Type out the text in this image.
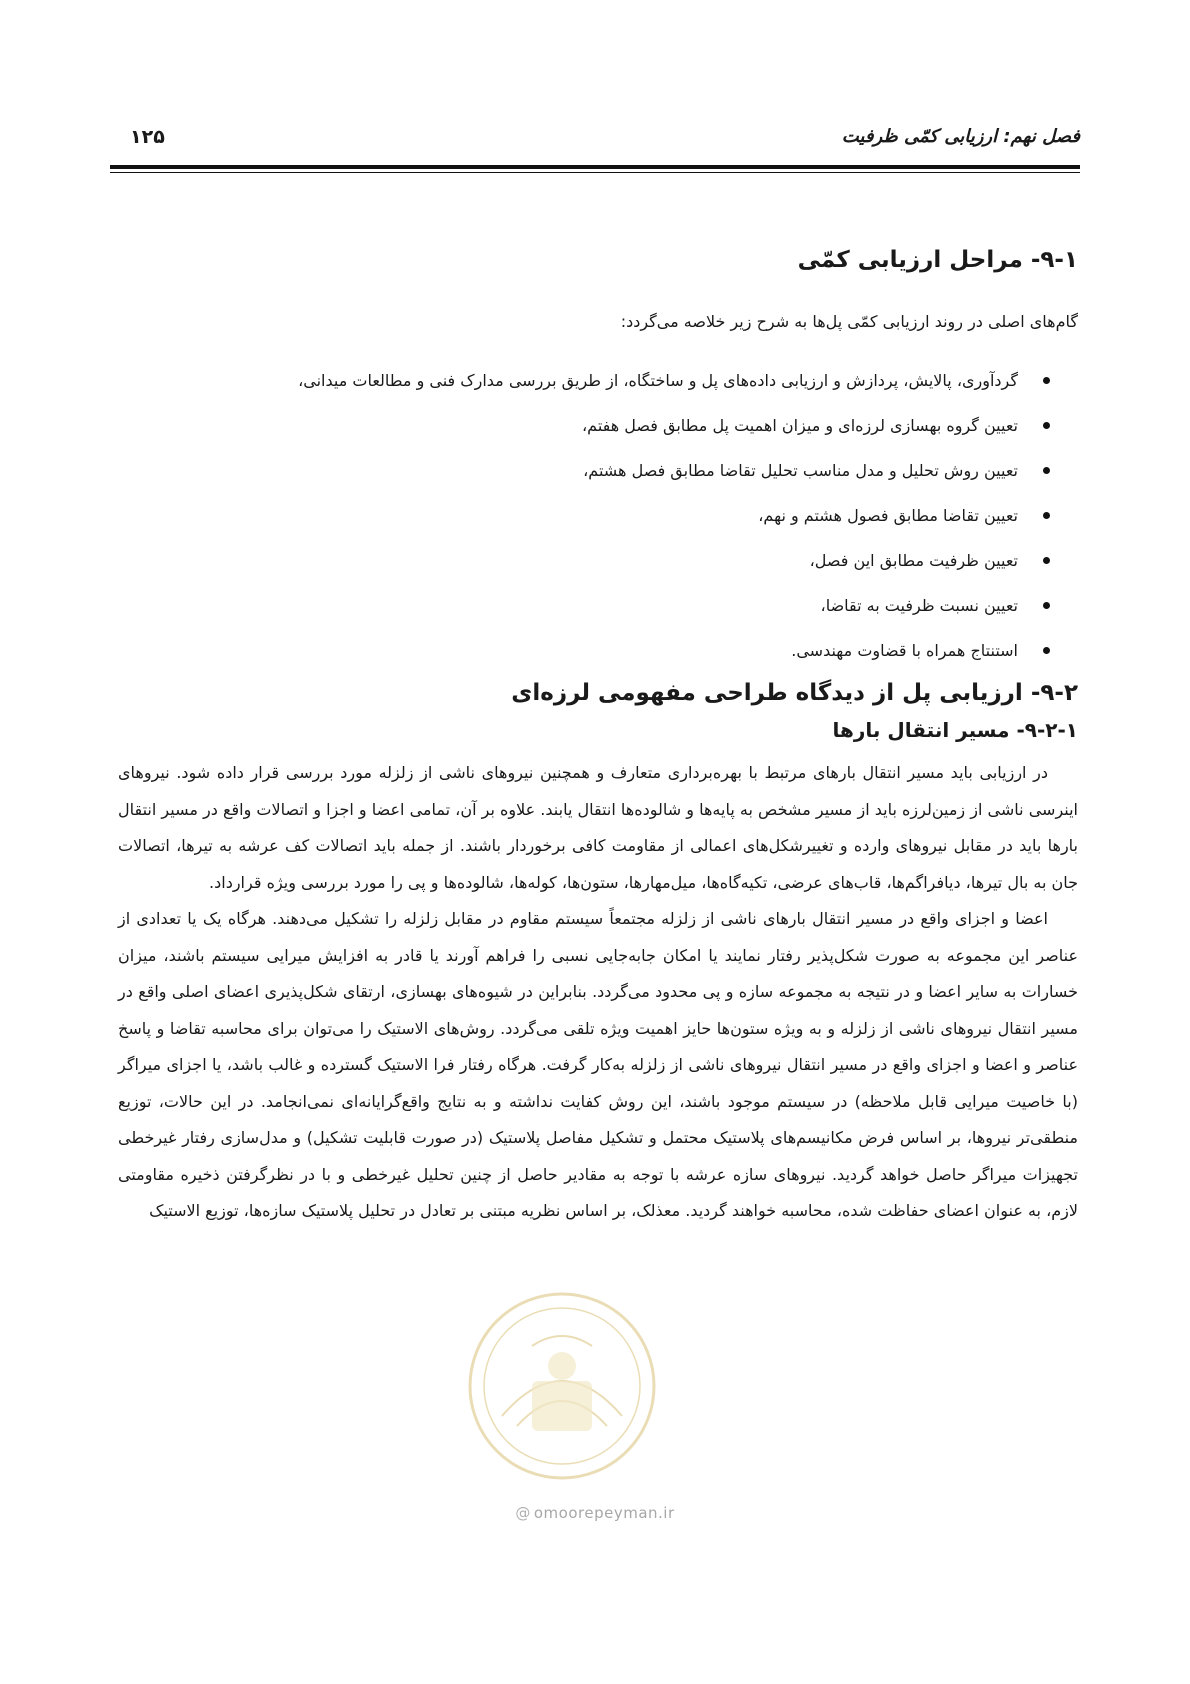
فصل نهم: ارزیابی کمّی ظرفیت
۱۲۵
۹-۱- مراحل ارزیابی کمّی

گام‌های اصلی در روند ارزیابی کمّی پل‌ها به شرح زیر خلاصه می‌گردد:

گردآوری، پالایش، پردازش و ارزیابی داده‌های پل و ساختگاه، از طریق بررسی مدارک فنی و مطالعات میدانی،
تعیین گروه بهسازی لرزه‌ای و میزان اهمیت پل مطابق فصل هفتم،
تعیین روش تحلیل و مدل مناسب تحلیل تقاضا مطابق فصل هشتم،
تعیین تقاضا مطابق فصول هشتم و نهم،
تعیین ظرفیت مطابق این فصل،
تعیین نسبت ظرفیت به تقاضا،
استنتاج همراه با قضاوت مهندسی.
۹-۲- ارزیابی پل از دیدگاه طراحی مفهومی لرزه‌ای
۹-۲-۱- مسیر انتقال بارها

در ارزیابی باید مسیر انتقال بارهای مرتبط با بهره‌برداری متعارف و همچنین نیروهای ناشی از زلزله مورد بررسی قرار داده شود. نیروهای اینرسی ناشی از زمین‌لرزه باید از مسیر مشخص به پایه‌ها و شالوده‌ها انتقال یابند. علاوه بر آن، تمامی اعضا و اجزا و اتصالات واقع در مسیر انتقال بارها باید در مقابل نیروهای وارده و تغییرشکل‌های اعمالی از مقاومت کافی برخوردار باشند. از جمله باید اتصالات کف عرشه به تیرها، اتصالات جان به بال تیرها، دیافراگم‌ها، قاب‌های عرضی، تکیه‌گاه‌ها، میل‌مهارها، ستون‌ها، کوله‌ها، شالوده‌ها و پی را مورد بررسی ویژه قرارداد.

اعضا و اجزای واقع در مسیر انتقال بارهای ناشی از زلزله مجتمعاً سیستم مقاوم در مقابل زلزله را تشکیل می‌دهند. هرگاه یک یا تعدادی از عناصر این مجموعه به صورت شکل‌پذیر رفتار نمایند یا امکان جابه‌جایی نسبی را فراهم آورند یا قادر به افزایش میرایی سیستم باشند، میزان خسارات به سایر اعضا و در نتیجه به مجموعه سازه و پی محدود می‌گردد. بنابراین در شیوه‌های بهسازی، ارتقای شکل‌پذیری اعضای اصلی واقع در مسیر انتقال نیروهای ناشی از زلزله و به ویژه ستون‌ها حایز اهمیت ویژه تلقی می‌گردد. روش‌های الاستیک را می‌توان برای محاسبه تقاضا و پاسخ عناصر و اعضا و اجزای واقع در مسیر انتقال نیروهای ناشی از زلزله به‌کار گرفت. هرگاه رفتار فرا الاستیک گسترده و غالب باشد، یا اجزای میراگر (با خاصیت میرایی قابل ملاحظه) در سیستم موجود باشند، این روش کفایت نداشته و به نتایج واقع‌گرایانه‌ای نمی‌انجامد. در این حالات، توزیع منطقی‌تر نیروها، بر اساس فرض مکانیسم‌های پلاستیک محتمل و تشکیل مفاصل پلاستیک (در صورت قابلیت تشکیل) و مدل‌سازی رفتار غیرخطی تجهیزات میراگر حاصل خواهد گردید. نیروهای سازه عرشه با توجه به مقادیر حاصل از چنین تحلیل غیرخطی و با در نظرگرفتن ذخیره مقاومتی لازم، به عنوان اعضای حفاظت شده، محاسبه خواهند گردید. معذلک، بر اساس نظریه مبتنی بر تعادل در تحلیل پلاستیک سازه‌ها، توزیع الاستیک

@ omoorepeyman.ir
